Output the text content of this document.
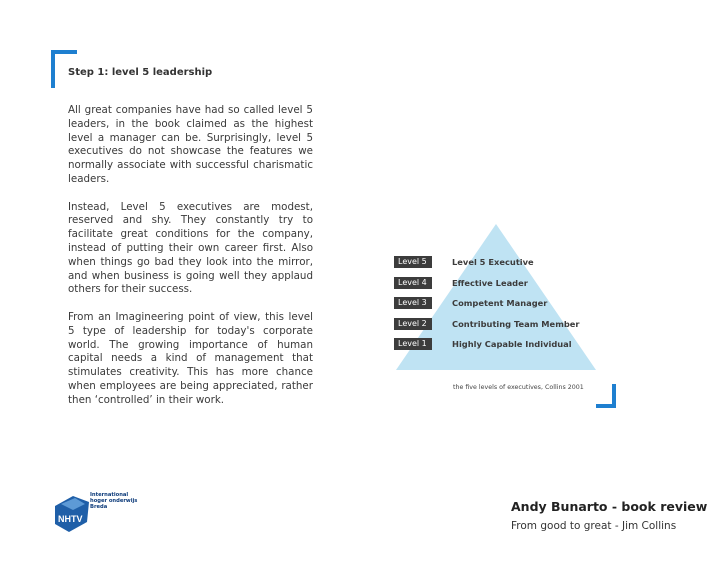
Step 1: level 5 leadership

All great companies have had so called level 5 leaders, in the book claimed as the highest level a manager can be. Surprisingly, level 5 executives do not showcase the features we normally associate with successful charismatic leaders.

Instead, Level 5 executives are modest, reserved and shy. They constantly try to facilitate great conditions for the company, instead of putting their own career first. Also when things go bad they look into the mirror, and when business is going well they applaud others for their success.

From an Imagineering point of view, this level 5 type of leadership for today's corporate world. The growing importance of human capital needs a kind of management that stimulates creativity. This has more chance when employees are being appreciated, rather then ‘controlled’ in their work.

Level 5	Level 5 Executive
Level 4	Effective Leader
Level 3	Competent Manager
Level 2	Contributing Team Member
Level 1	Highly Capable Individual
the five levels of executives, Collins 2001
NHTV
International
hoger onderwijs
Breda	Andy Bunarto - book review
From good to great - Jim Collins
